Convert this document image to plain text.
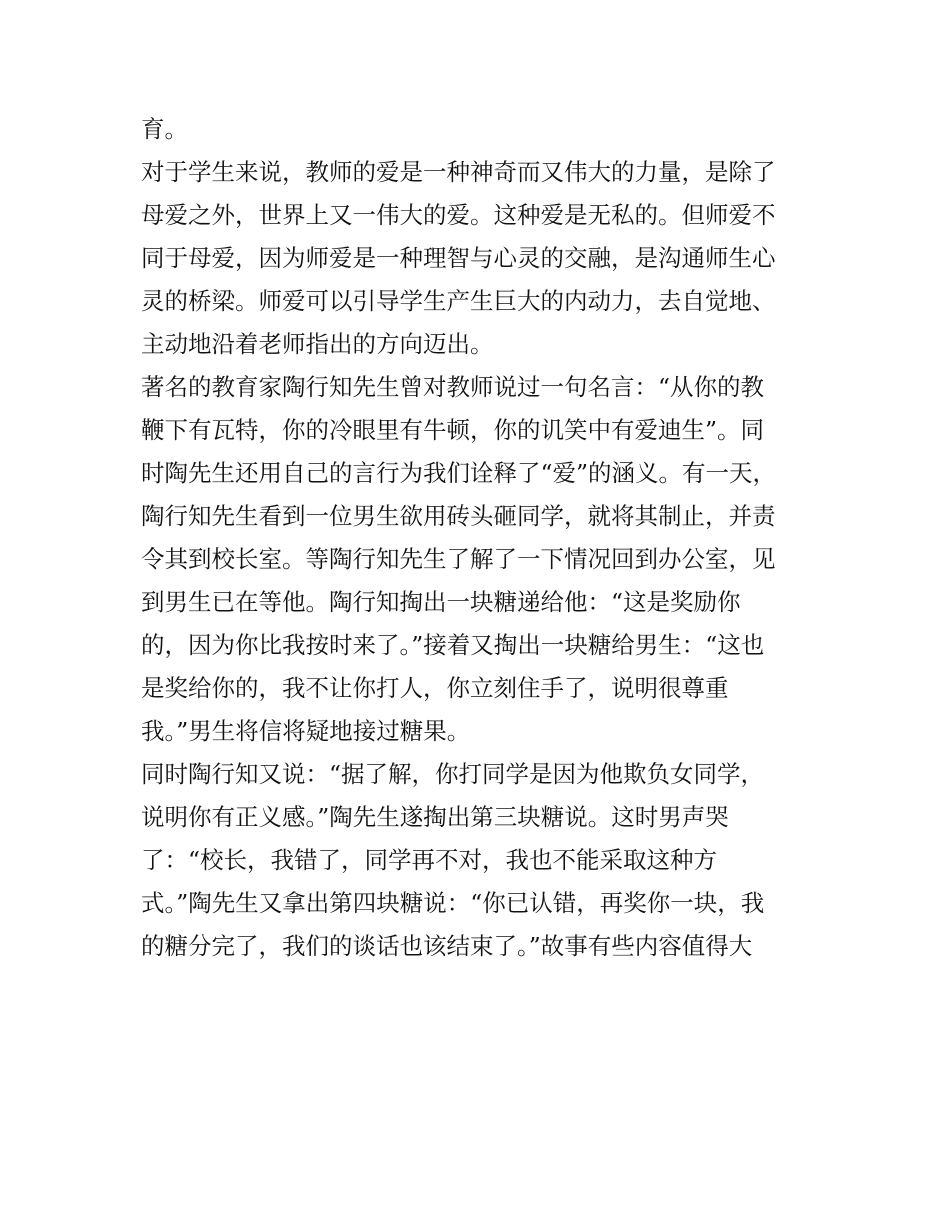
育。
对于学生来说，教师的爱是一种神奇而又伟大的力量，是除了
母爱之外，世界上又一伟大的爱。这种爱是无私的。但师爱不
同于母爱，因为师爱是一种理智与心灵的交融，是沟通师生心
灵的桥梁。师爱可以引导学生产生巨大的内动力，去自觉地、
主动地沿着老师指出的方向迈出。
著名的教育家陶行知先生曾对教师说过一句名言：“从你的教
鞭下有瓦特，你的冷眼里有牛顿，你的讥笑中有爱迪生”。同
时陶先生还用自己的言行为我们诠释了“爱”的涵义。有一天，
陶行知先生看到一位男生欲用砖头砸同学，就将其制止，并责
令其到校长室。等陶行知先生了解了一下情况回到办公室，见
到男生已在等他。陶行知掏出一块糖递给他：“这是奖励你
的，因为你比我按时来了。”接着又掏出一块糖给男生：“这也
是奖给你的，我不让你打人，你立刻住手了，说明很尊重
我。”男生将信将疑地接过糖果。
同时陶行知又说：“据了解，你打同学是因为他欺负女同学，
说明你有正义感。”陶先生遂掏出第三块糖说。这时男声哭
了：“校长，我错了，同学再不对，我也不能采取这种方
式。”陶先生又拿出第四块糖说：“你已认错，再奖你一块，我
的糖分完了，我们的谈话也该结束了。”故事有些内容值得大
